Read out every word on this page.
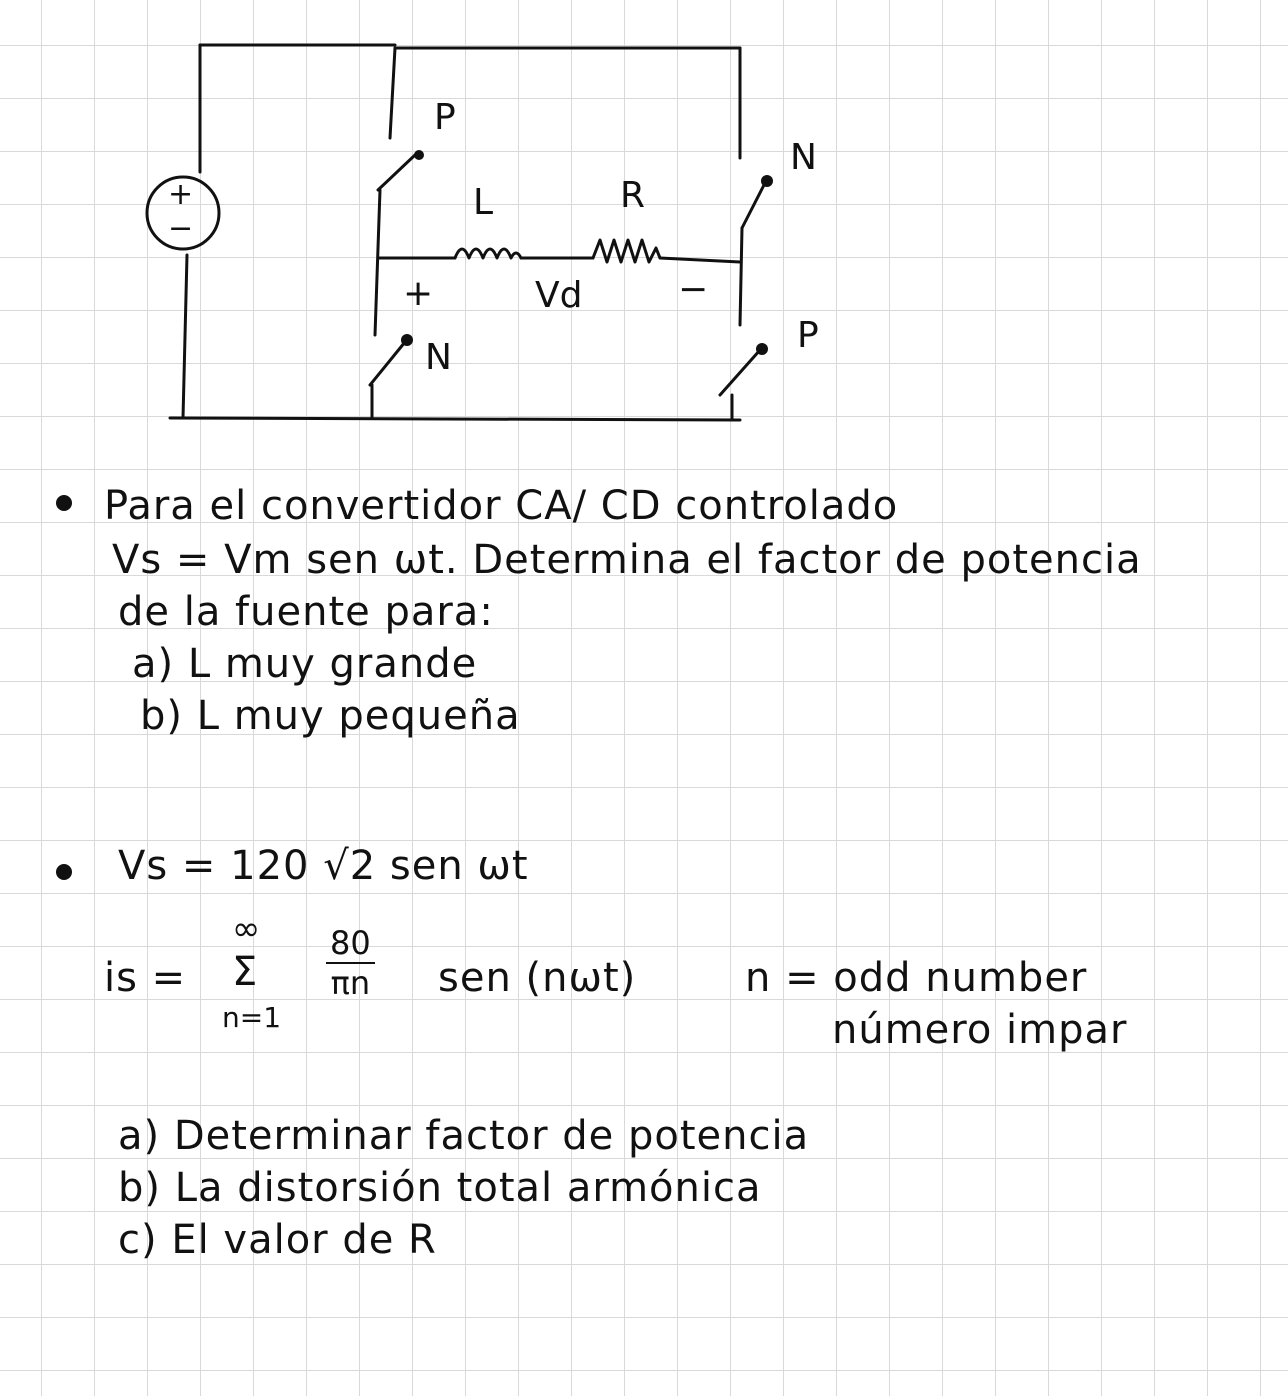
+
−
P
N
N
P
L	R
+	Vd	−
Para el convertidor CA/ CD controlado
Vs = Vm sen ωt. Determina el factor de potencia
de la fuente para:
a) L muy grande
b) L muy pequeña
Vs = 120 √2 sen ωt
is =
∞
Σ
n=1
$\frac{80}{\pi n}$ sen (nωt)	n = odd number
número impar
a) Determinar factor de potencia
b) La distorsión total armónica
c) El valor de R
